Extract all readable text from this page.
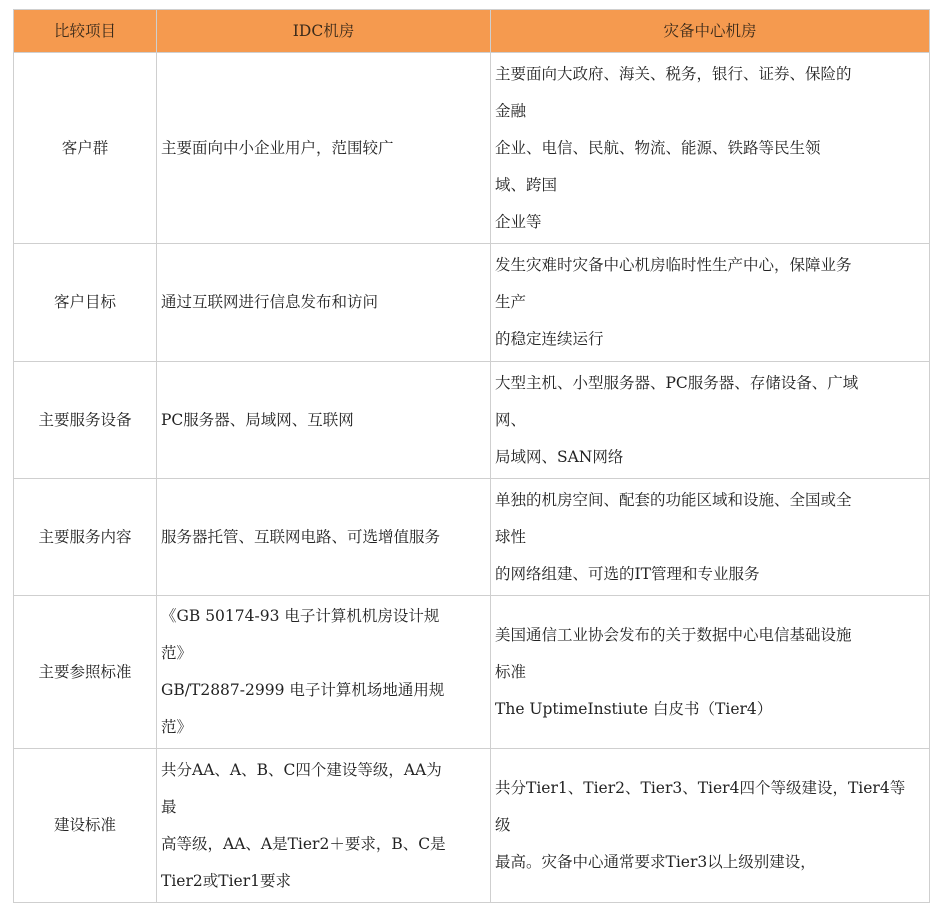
比较项目	IDC机房	灾备中心机房
客户群	主要面向中小企业用户，范围较广	主要面向大政府、海关、税务，银行、证券、保险的
金融
企业、电信、民航、物流、能源、铁路等民生领
域、跨国
企业等

客户目标	通过互联网进行信息发布和访问	发生灾难时灾备中心机房临时性生产中心，保障业务
生产
的稳定连续运行

主要服务设备	PC服务器、局域网、互联网	大型主机、小型服务器、PC服务器、存储设备、广域
网、
局域网、SAN网络

主要服务内容	服务器托管、互联网电路、可选增值服务	单独的机房空间、配套的功能区域和设施、全国或全
球性
的网络组建、可选的IT管理和专业服务

主要参照标准	《GB 50174-93 电子计算机机房设计规
范》
GB/T2887-2999 电子计算机场地通用规
范》	美国通信工业协会发布的关于数据中心电信基础设施
标准
The UptimeInstiute 白皮书（Tier4）

建设标准	共分AA、A、B、C四个建设等级，AA为
最
高等级，AA、A是Tier2＋要求，B、C是
Tier2或Tier1要求	共分Tier1、Tier2、Tier3、Tier4四个等级建设，Tier4等
级
最高。灾备中心通常要求Tier3以上级别建设，
